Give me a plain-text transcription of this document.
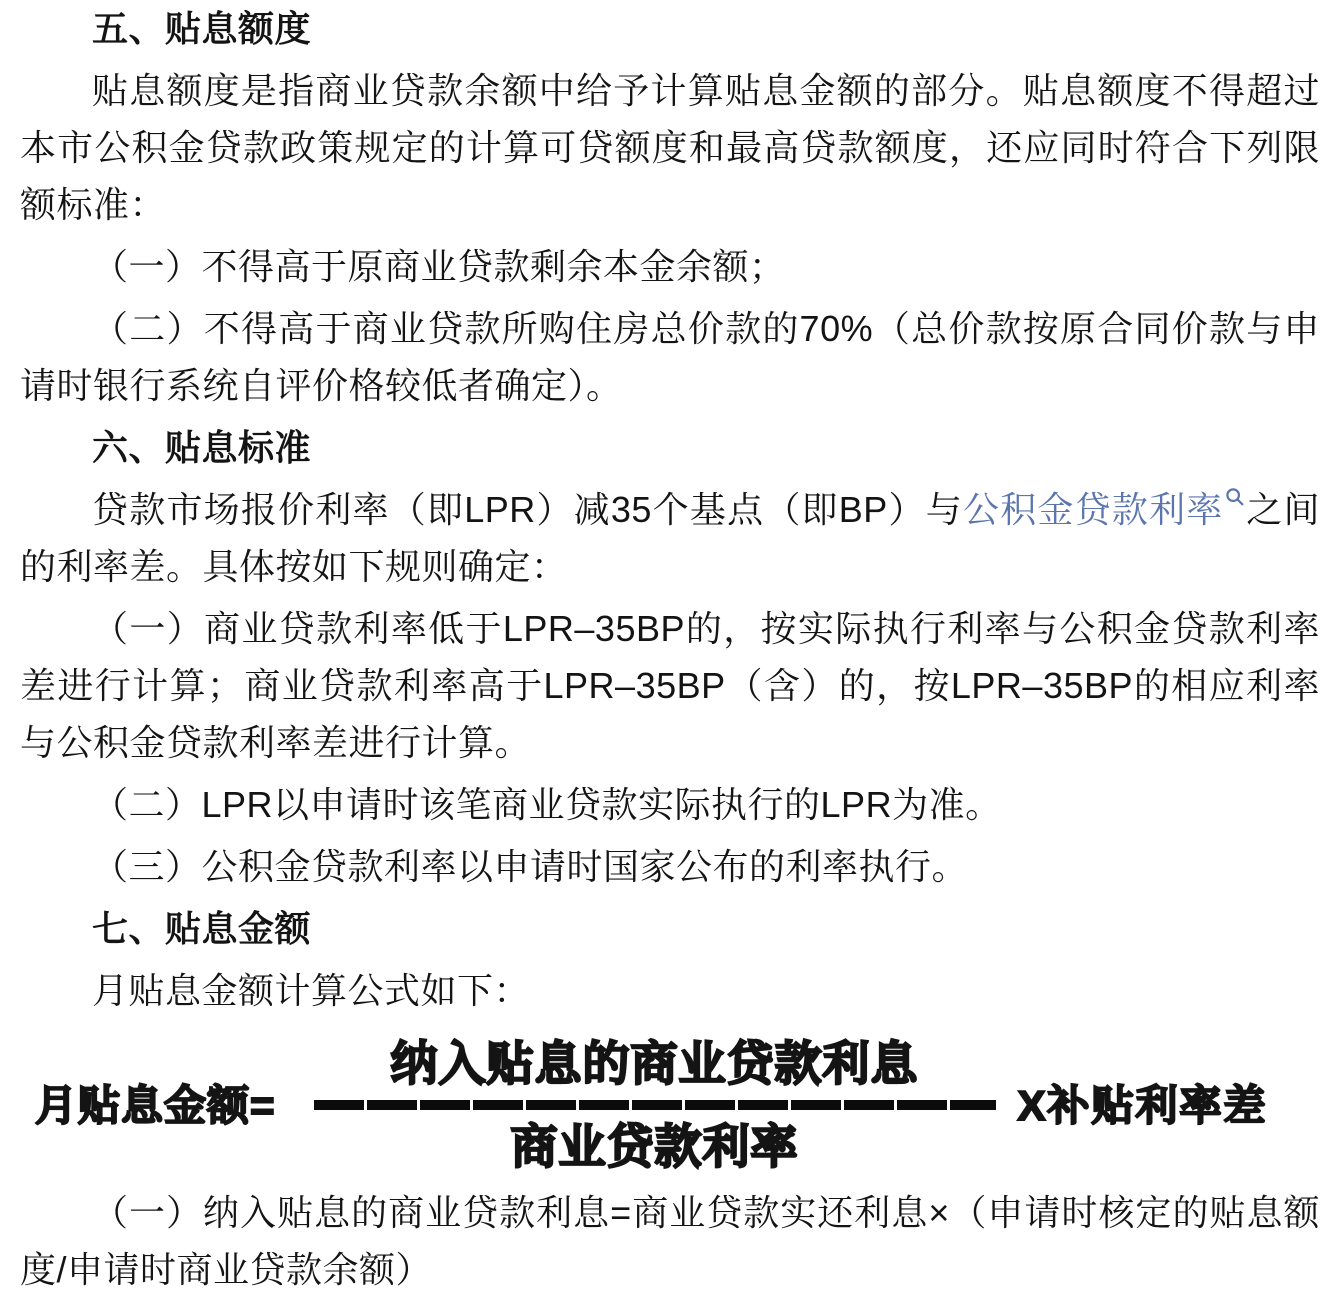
五、贴息额度

贴息额度是指商业贷款余额中给予计算贴息金额的部分。贴息额度不得超过本市公积金贷款政策规定的计算可贷额度和最高贷款额度，还应同时符合下列限额标准：

（一）不得高于原商业贷款剩余本金余额；

（二）不得高于商业贷款所购住房总价款的70%（总价款按原合同价款与申请时银行系统自评价格较低者确定）。

六、贴息标准

贷款市场报价利率（即LPR）减35个基点（即BP）与公积金贷款利率 之间的利率差。具体按如下规则确定：

（一）商业贷款利率低于LPR–35BP的，按实际执行利率与公积金贷款利率差进行计算；商业贷款利率高于LPR–35BP（含）的，按LPR–35BP的相应利率与公积金贷款利率差进行计算。

（二）LPR以申请时该笔商业贷款实际执行的LPR为准。

（三）公积金贷款利率以申请时国家公布的利率执行。

七、贴息金额

月贴息金额计算公式如下：

月贴息金额=
纳入贴息的商业贷款利息
商业贷款利率
X补贴利率差

（一）纳入贴息的商业贷款利息=商业贷款实还利息×（申请时核定的贴息额度/申请时商业贷款余额）
